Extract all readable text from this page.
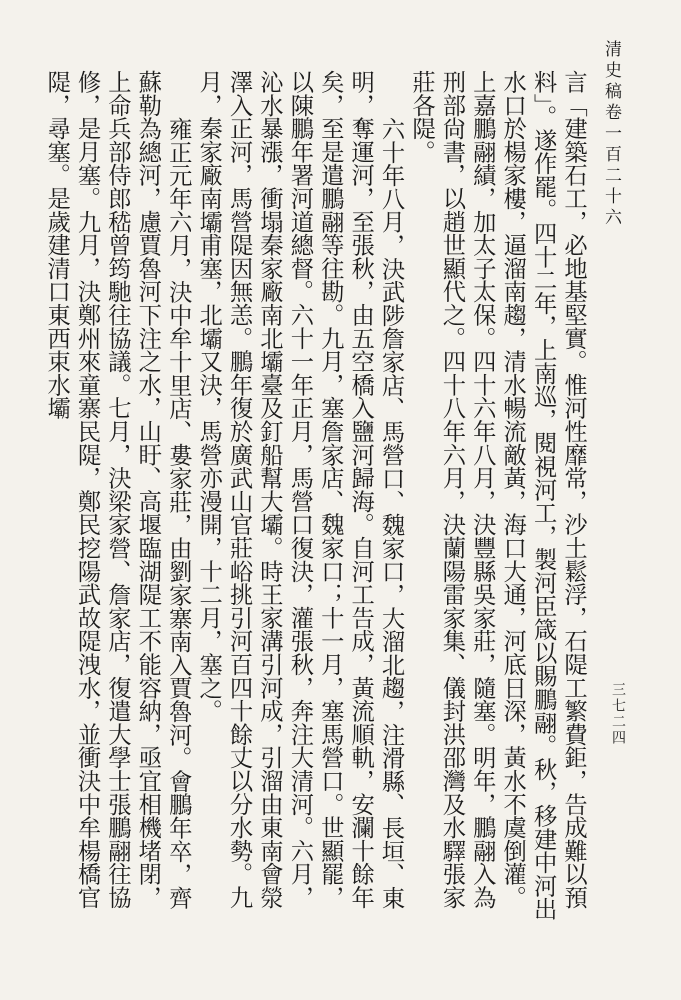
清史稿卷一百二十六
三七二四

言「建築石工，必地基堅實。惟河性靡常，沙土鬆浮，石隄工繁費鉅，告成難以預料」。遂作罷。四十二年，上南巡，閱視河工，製河臣箴以賜鵬翮。秋，移建中河出水口於楊家樓，逼溜南趨，清水暢流敵黃，海口大通，河底日深，黃水不虞倒灌。上嘉鵬翮績，加太子太保。四十六年八月，決豐縣吳家莊，隨塞。明年，鵬翮入為刑部尙書，以趙世顯代之。四十八年六月，決蘭陽雷家集、儀封洪邵灣及水驛張家莊各隄。

六十年八月，決武陟詹家店、馬營口、魏家口，大溜北趨，注滑縣、長垣、東明，奪運河，至張秋，由五空橋入鹽河歸海。自河工告成，黃流順軌，安瀾十餘年矣，至是遣鵬翮等往勘。九月，塞詹家店、魏家口；十一月，塞馬營口。世顯罷，以陳鵬年署河道總督。六十一年正月，馬營口復決，灌張秋，奔注大清河。六月，沁水暴漲，衝塌秦家廠南北壩臺及釘船幫大壩。時王家溝引河成，引溜由東南會滎澤入正河，馬營隄因無恙。鵬年復於廣武山官莊峪挑引河百四十餘丈以分水勢。九月，秦家廠南壩甫塞，北壩又決，馬營亦漫開，十二月，塞之。

雍正元年六月，決中牟十里店、婁家莊，由劉家寨南入賈魯河。會鵬年卒，齊蘇勒為總河，慮賈魯河下注之水，山盱、高堰臨湖隄工不能容納，亟宜相機堵閉，上命兵部侍郎嵇曾筠馳往協議。七月，決梁家營、詹家店，復遣大學士張鵬翮往協修，是月塞。九月，決鄭州來童寨民隄，鄭民挖陽武故隄洩水，並衝決中牟楊橋官隄，尋塞。是歲建清口東西束水壩
